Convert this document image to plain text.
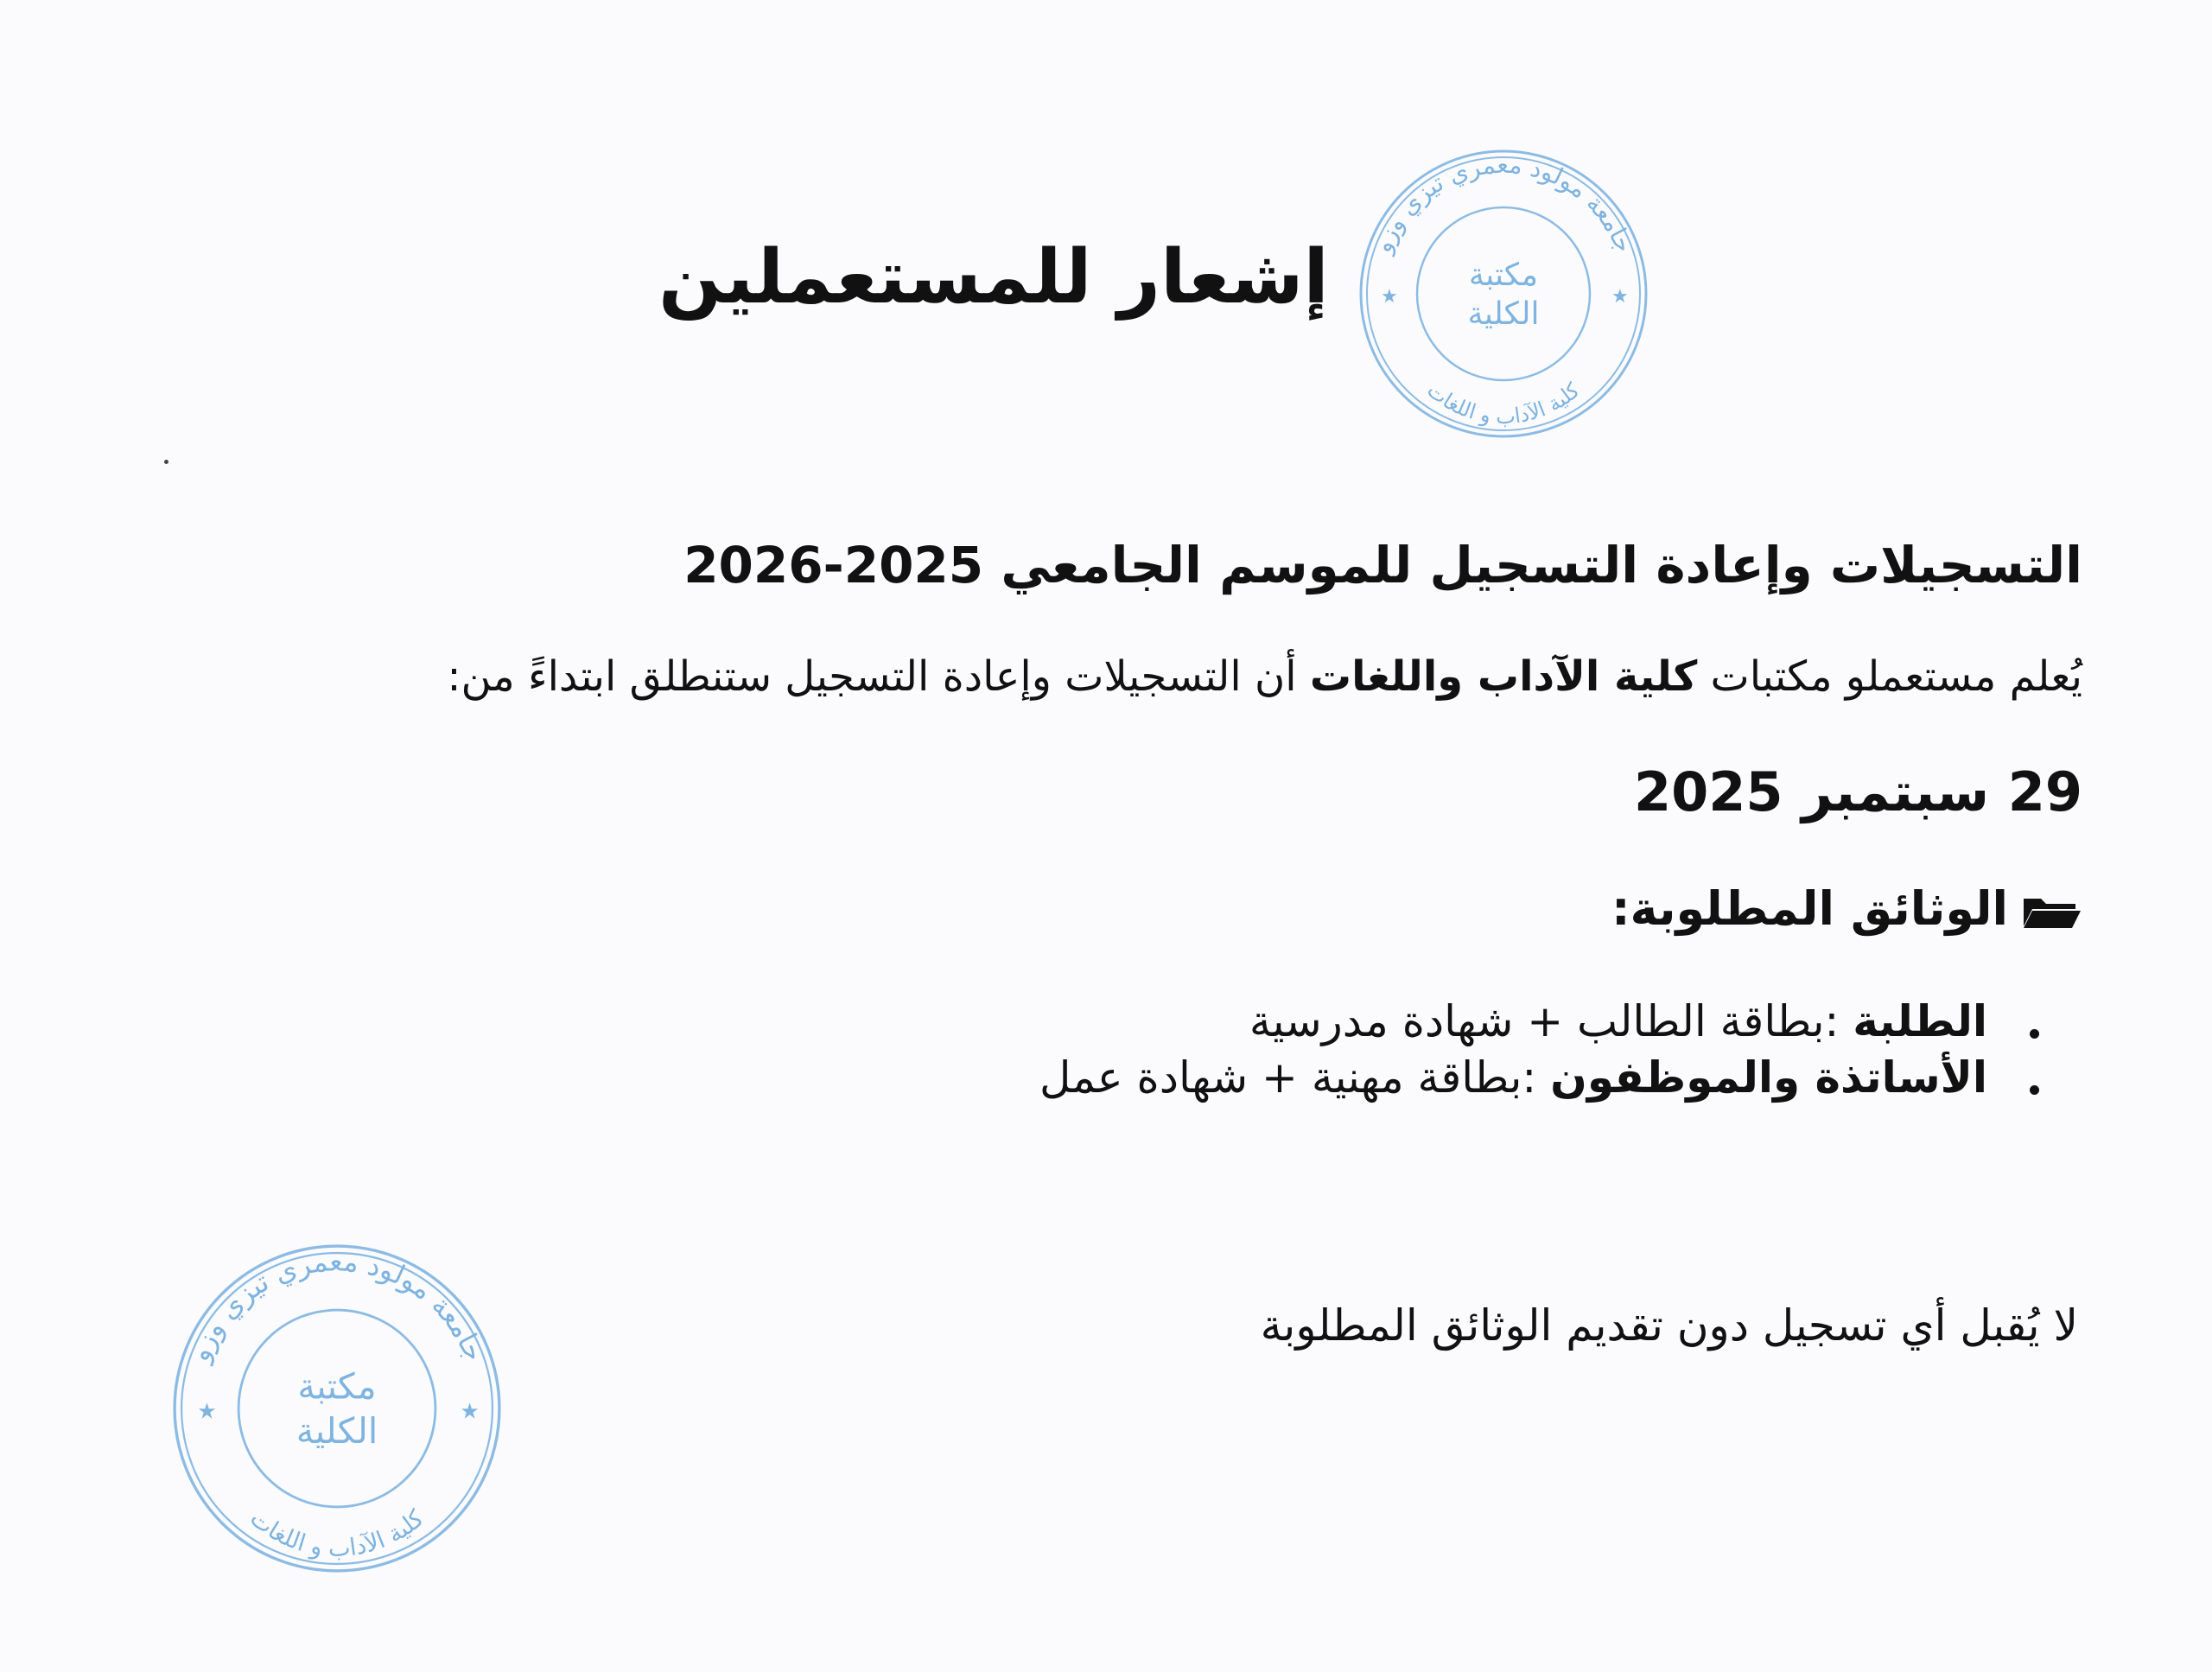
إشعار للمستعملين	جامعة مولود معمري تيزي وزو
كلية الآداب و اللغات
مكتبة
الكلية
★	★
التسجيلات وإعادة التسجيل للموسم الجامعي 2025-2026
يُعلم مستعملو مكتبات كلية الآداب واللغات أن التسجيلات وإعادة التسجيل ستنطلق ابتداءً من:
29 سبتمبر 2025
الوثائق المطلوبة:
الطلبة :بطاقة الطالب + شهادة مدرسية
الأساتذة والموظفون :بطاقة مهنية + شهادة عمل
لا يُقبل أي تسجيل دون تقديم الوثائق المطلوبة
جامعة مولود معمري تيزي وزو
كلية الآداب و اللغات
مكتبة
الكلية
★	★
